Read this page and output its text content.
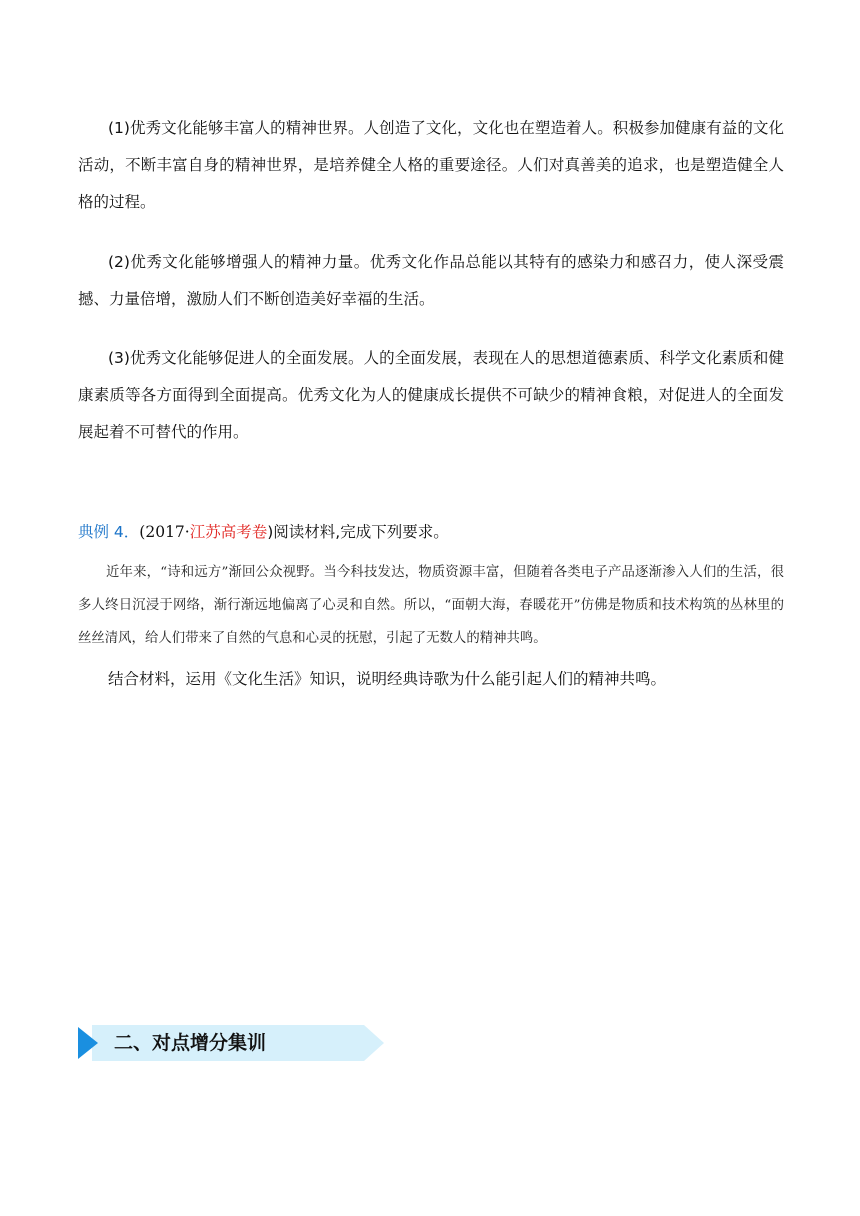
(1)优秀文化能够丰富人的精神世界。人创造了文化，文化也在塑造着人。积极参加健康有益的文化活动，不断丰富自身的精神世界，是培养健全人格的重要途径。人们对真善美的追求，也是塑造健全人格的过程。

(2)优秀文化能够增强人的精神力量。优秀文化作品总能以其特有的感染力和感召力，使人深受震撼、力量倍增，激励人们不断创造美好幸福的生活。

(3)优秀文化能够促进人的全面发展。人的全面发展，表现在人的思想道德素质、科学文化素质和健康素质等各方面得到全面提高。优秀文化为人的健康成长提供不可缺少的精神食粮，对促进人的全面发展起着不可替代的作用。

典例 4．(2017·江苏高考卷)阅读材料,完成下列要求。

近年来，“诗和远方”渐回公众视野。当今科技发达，物质资源丰富，但随着各类电子产品逐渐渗入人们的生活，很多人终日沉浸于网络，渐行渐远地偏离了心灵和自然。所以，“面朝大海，春暖花开”仿佛是物质和技术构筑的丛林里的丝丝清风，给人们带来了自然的气息和心灵的抚慰，引起了无数人的精神共鸣。

结合材料，运用《文化生活》知识，说明经典诗歌为什么能引起人们的精神共鸣。

二、对点增分集训
